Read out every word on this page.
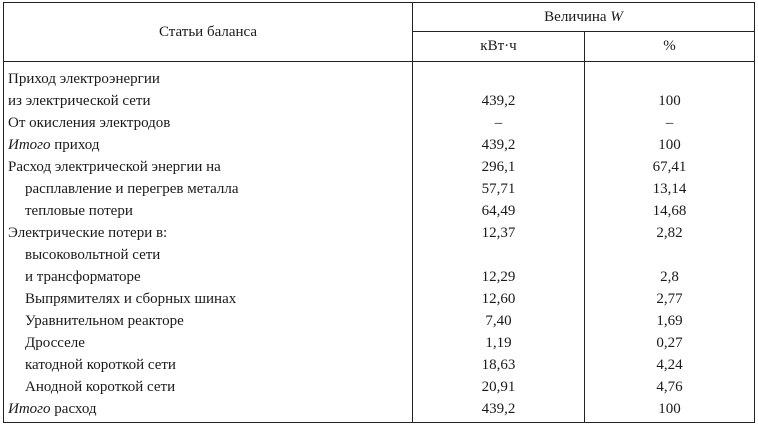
Статьи баланса	Величина W	
	кВт·ч	%
Приход электроэнергии
из электрической сети	439,2	100

От окисления электродов	–	–
Итого приход	439,2	100
Расход электрической энергии на	296,1	67,41
расплавление и перегрев металла	57,71	13,14
тепловые потери	64,49	14,68
Электрические потери в:	12,37	2,82
высоковольтной сети
и трансформаторе	12,29	2,8

Выпрямителях и сборных шинах	12,60	2,77
Уравнительном реакторе	7,40	1,69
Дросселе	1,19	0,27
катодной короткой сети	18,63	4,24
Анодной короткой сети	20,91	4,76
Итого расход	439,2	100
